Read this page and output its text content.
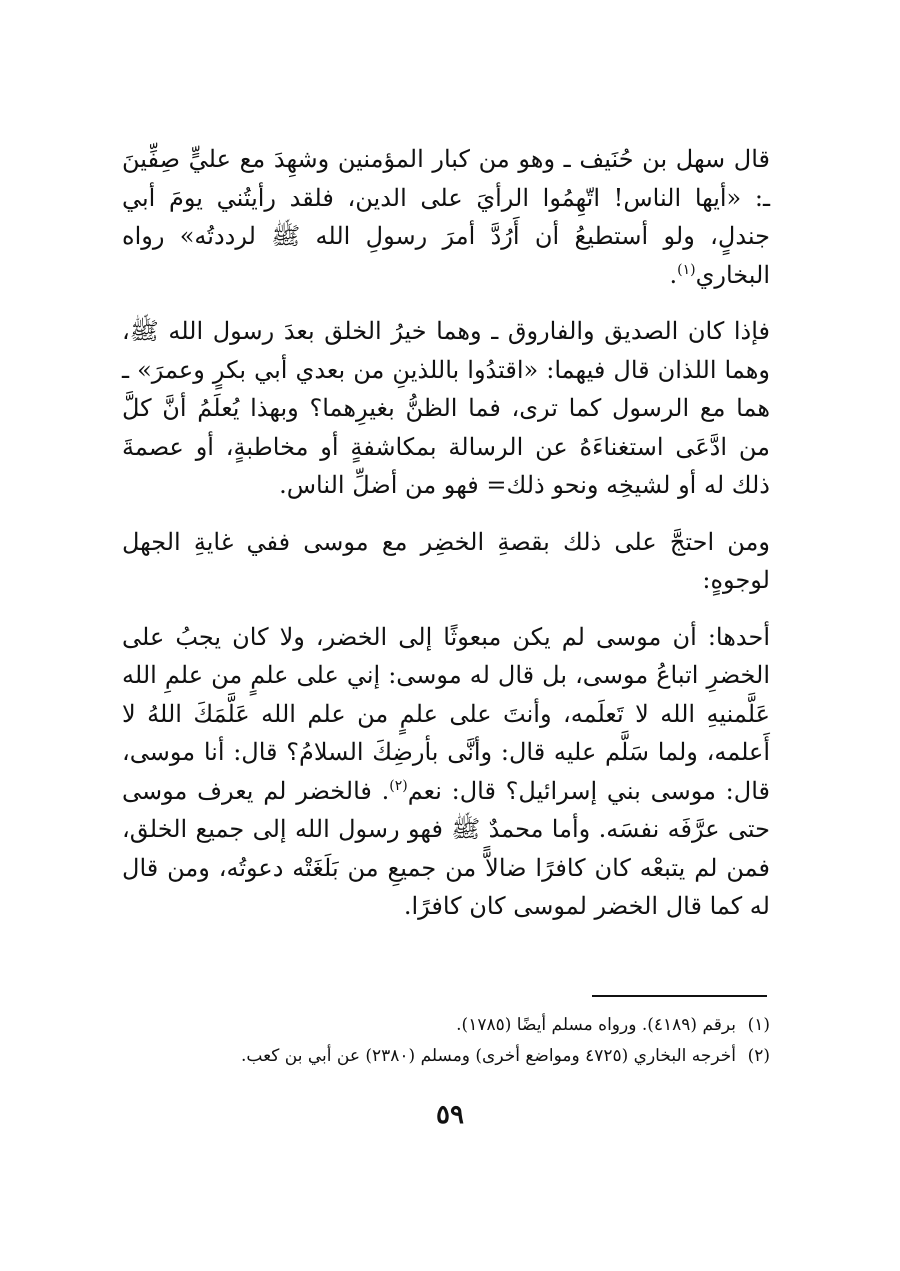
قال سهل بن حُنَيف ـ وهو من كبار المؤمنين وشهِدَ مع عليٍّ صِفِّينَ ـ: «أيها الناس! اتّهِمُوا الرأيَ على الدين، فلقد رأيتُني يومَ أبي جندلٍ، ولو أستطيعُ أن أَرُدَّ أمرَ رسولِ الله ﷺ لرددتُه» رواه البخاري$^{(١)}$.

فإذا كان الصديق والفاروق ـ وهما خيرُ الخلق بعدَ رسول الله ﷺ، وهما اللذان قال فيهما: «اقتدُوا باللذينِ من بعدي أبي بكرٍ وعمرَ» ـ هما مع الرسول كما ترى، فما الظنُّ بغيرِهما؟ وبهذا يُعلَمُ أنَّ كلَّ من ادَّعَى استغناءَهُ عن الرسالة بمكاشفةٍ أو مخاطبةٍ، أو عصمةَ ذلك له أو لشيخِه ونحو ذلك= فهو من أضلِّ الناس.

ومن احتجَّ على ذلك بقصةِ الخضِر مع موسى ففي غايةِ الجهل لوجوهٍ:

أحدها: أن موسى لم يكن مبعوثًا إلى الخضر، ولا كان يجبُ على الخضرِ اتباعُ موسى، بل قال له موسى: إني على علمٍ من علمِ الله عَلَّمنيهِ الله لا تَعلَمه، وأنتَ على علمٍ من علم الله عَلَّمَكَ اللهُ لا أَعلمه، ولما سَلَّم عليه قال: وأنَّى بأرضِكَ السلامُ؟ قال: أنا موسى، قال: موسى بني إسرائيل؟ قال: نعم$^{(٢)}$. فالخضر لم يعرف موسى حتى عرَّفَه نفسَه. وأما محمدٌ ﷺ فهو رسول الله إلى جميع الخلق، فمن لم يتبعْه كان كافرًا ضالاًّ من جميعِ من بَلَغَتْه دعوتُه، ومن قال له كما قال الخضر لموسى كان كافرًا.

(١)برقم (٤١٨٩). ورواه مسلم أيضًا (١٧٨٥).

(٢)أخرجه البخاري (٤٧٢٥ ومواضع أخرى) ومسلم (٢٣٨٠) عن أبي بن كعب.

٥٩
